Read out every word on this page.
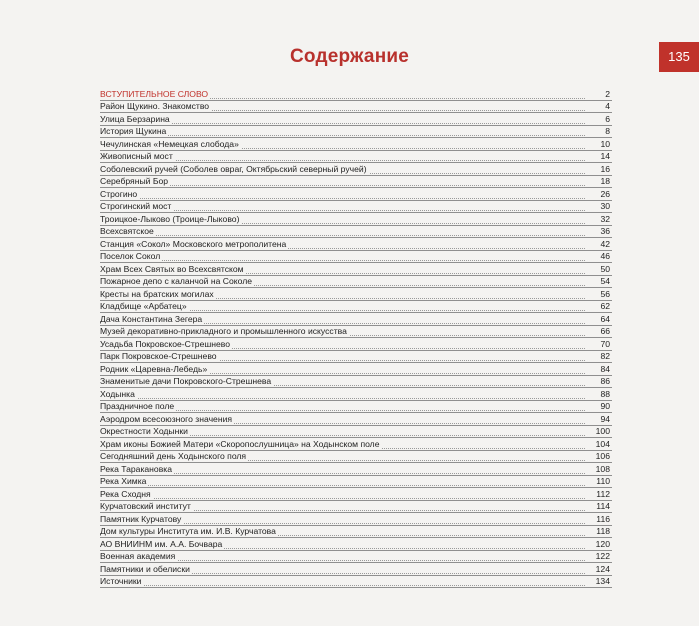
135
Содержание
ВСТУПИТЕЛЬНОЕ СЛОВО	2
Район Щукино. Знакомство	4
Улица Берзарина	6
История Щукина	8
Чечулинская «Немецкая слобода»	10
Живописный мост	14
Соболевский ручей (Соболев овраг, Октябрьский северный ручей)	16
Серебряный Бор	18
Строгино	26
Строгинский мост	30
Троицкое-Лыково (Троице-Лыково)	32
Всехсвятское	36
Станция «Сокол» Московского метрополитена	42
Поселок Сокол	46
Храм Всех Святых во Всехсвятском	50
Пожарное депо с каланчой на Соколе	54
Кресты на братских могилах	56
Кладбище «Арбатец»	62
Дача Константина Зегера	64
Музей декоративно-прикладного и промышленного искусства	66
Усадьба Покровское-Стрешнево	70
Парк Покровское-Стрешнево	82
Родник «Царевна-Лебедь»	84
Знаменитые дачи Покровского-Стрешнева	86
Ходынка	88
Праздничное поле	90
Аэродром всесоюзного значения	94
Окрестности Ходынки	100
Храм иконы Божией Матери «Скоропослушница» на Ходынском поле	104
Сегодняшний день Ходынского поля	106
Река Таракановка	108
Река Химка	110
Река Сходня	112
Курчатовский институт	114
Памятник Курчатову	116
Дом культуры Института им. И.В. Курчатова	118
АО ВНИИНМ им. А.А. Бочвара	120
Военная академия	122
Памятники и обелиски	124
Источники	134
